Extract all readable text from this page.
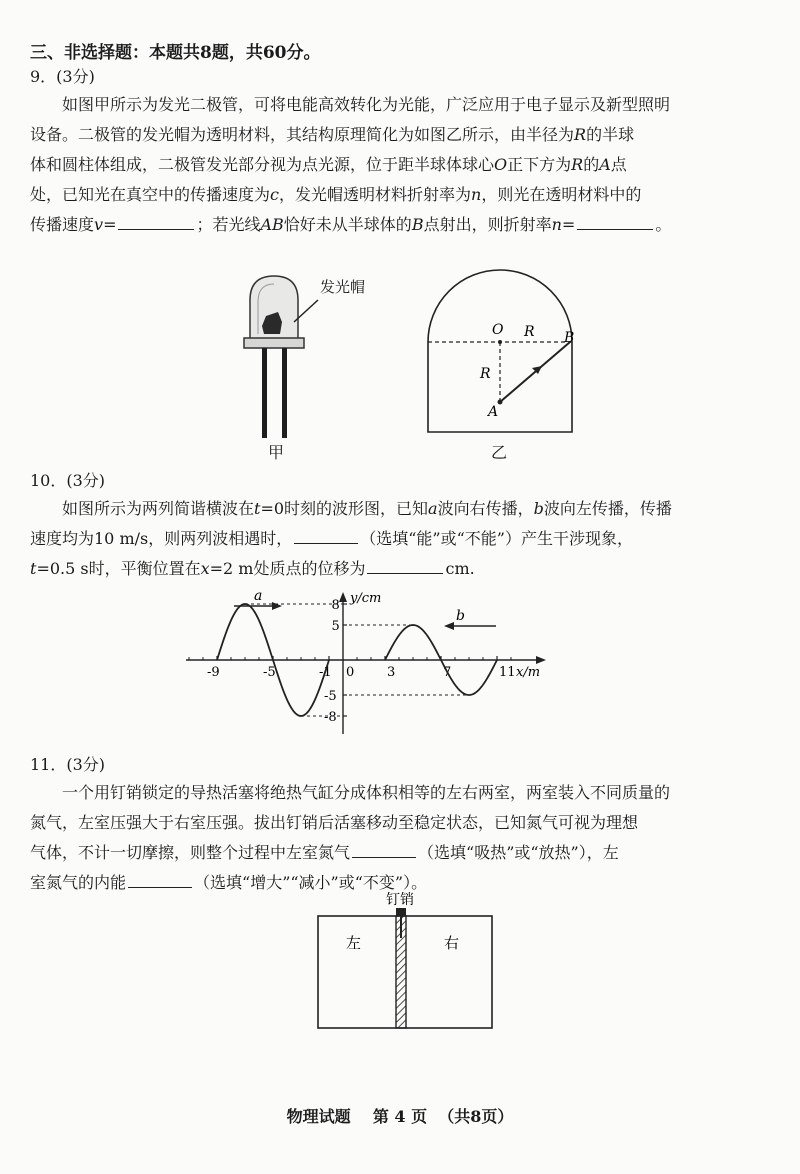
三、非选择题：本题共8题，共60分。
9．(3分)
如图甲所示为发光二极管，可将电能高效转化为光能，广泛应用于电子显示及新型照明
设备。二极管的发光帽为透明材料，其结构原理简化为如图乙所示，由半径为R的半球
体和圆柱体组成，二极管发光部分视为点光源，位于距半球体球心O正下方为R的A点
处，已知光在真空中的传播速度为c，发光帽透明材料折射率为n，则光在透明材料中的
传播速度v=	；若光线AB恰好未从半球体的B点射出，则折射率n=	。
发光帽
甲
O R B
R
A
乙
10．(3分)
如图所示为两列简谐横波在t=0时刻的波形图，已知a波向右传播，b波向左传播，传播
速度均为10 m/s，则两列波相遇时，	（选填“能”或“不能”）产生干涉现象，
t=0.5 s时，平衡位置在x=2 m处质点的位移为	cm.
-9	-5	-1	3	7	11
8
5
-5
-8
a
b
y/cm
x/m
0
11．(3分)
一个用钉销锁定的导热活塞将绝热气缸分成体积相等的左右两室，两室装入不同质量的
氮气，左室压强大于右室压强。拔出钉销后活塞移动至稳定状态，已知氮气可视为理想
气体，不计一切摩擦，则整个过程中左室氮气	（选填“吸热”或“放热”），左
室氮气的内能	（选填“增大”“减小”或“不变”）。
钉销
左	右
物理试题 第 4 页 （共8页）
